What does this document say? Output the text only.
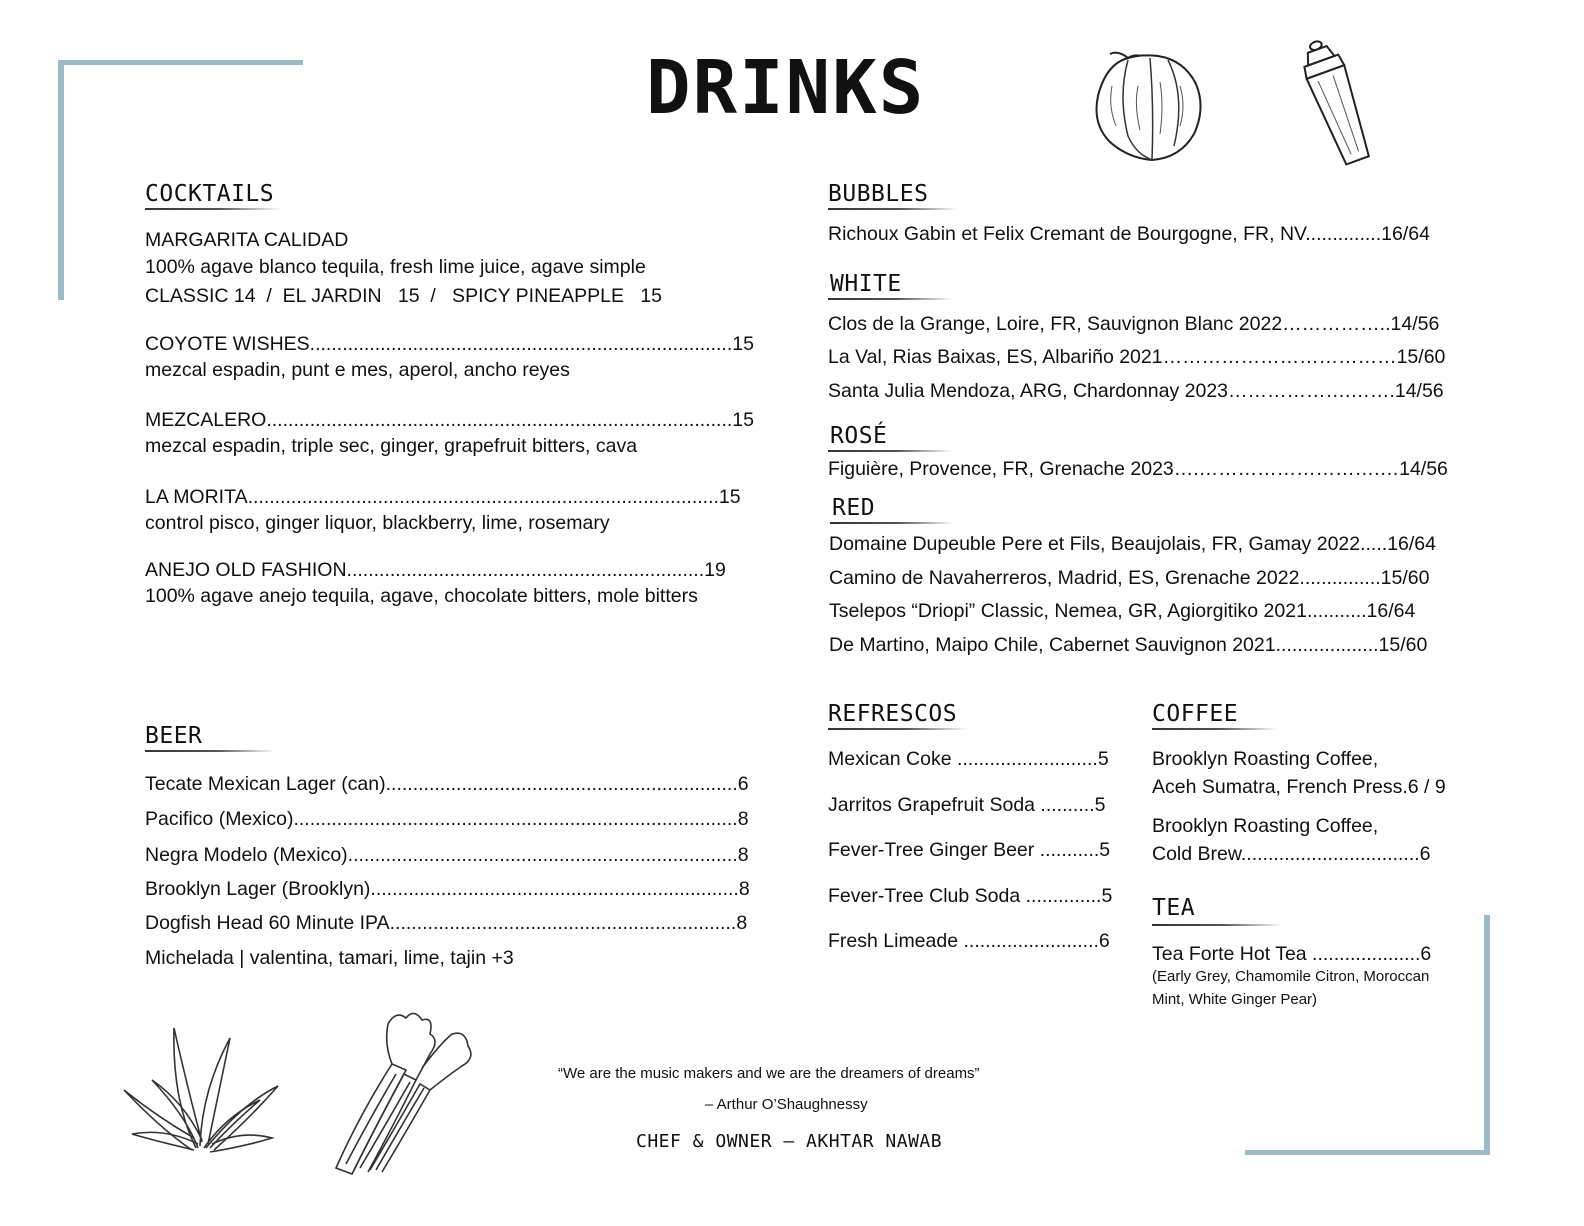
DRINKS
COCKTAILS
MARGARITA CALIDAD
100% agave blanco tequila, fresh lime juice, agave simple
CLASSIC 14  /  EL JARDIN   15  /   SPICY PINEAPPLE   15
COYOTE WISHES..............................................................................15
mezcal espadin, punt e mes, aperol, ancho reyes
MEZCALERO......................................................................................15
mezcal espadin, triple sec, ginger, grapefruit bitters, cava
LA MORITA.......................................................................................15
control pisco, ginger liquor, blackberry, lime, rosemary
ANEJO OLD FASHION..................................................................19
100% agave anejo tequila, agave, chocolate bitters, mole bitters
BEER
Tecate Mexican Lager (can).................................................................6
Pacifico (Mexico)..................................................................................8
Negra Modelo (Mexico)........................................................................8
Brooklyn Lager (Brooklyn)....................................................................8
Dogfish Head 60 Minute IPA................................................................8
Michelada | valentina, tamari, lime, tajin +3
BUBBLES
Richoux Gabin et Felix Cremant de Bourgogne, FR, NV..............16/64
WHITE
Clos de la Grange, Loire, FR, Sauvignon Blanc 2022……………..14/56
La Val, Rias Baixas, ES, Albariño 2021………………………………15/60
Santa Julia Mendoza, ARG, Chardonnay 2023……………….…….14/56
ROSÉ
Figuière, Provence, FR, Grenache 2023….……………………….…14/56
RED
Domaine Dupeuble Pere et Fils, Beaujolais, FR, Gamay 2022.....16/64
Camino de Navaherreros, Madrid, ES, Grenache 2022...............15/60
Tselepos “Driopi” Classic, Nemea, GR, Agiorgitiko 2021...........16/64
De Martino, Maipo Chile, Cabernet Sauvignon 2021...................15/60
REFRESCOS
Mexican Coke ..........................5
Jarritos Grapefruit Soda ..........5
Fever-Tree Ginger Beer ...........5
Fever-Tree Club Soda ..............5
Fresh Limeade .........................6
COFFEE
Brooklyn Roasting Coffee,
Aceh Sumatra, French Press.6 / 9
Brooklyn Roasting Coffee,
Cold Brew.................................6
TEA
Tea Forte Hot Tea ....................6
(Early Grey, Chamomile Citron, Moroccan
Mint, White Ginger Pear)
“We are the music makers and we are the dreamers of dreams”
– Arthur O’Shaughnessy
CHEF & OWNER – AKHTAR NAWAB
